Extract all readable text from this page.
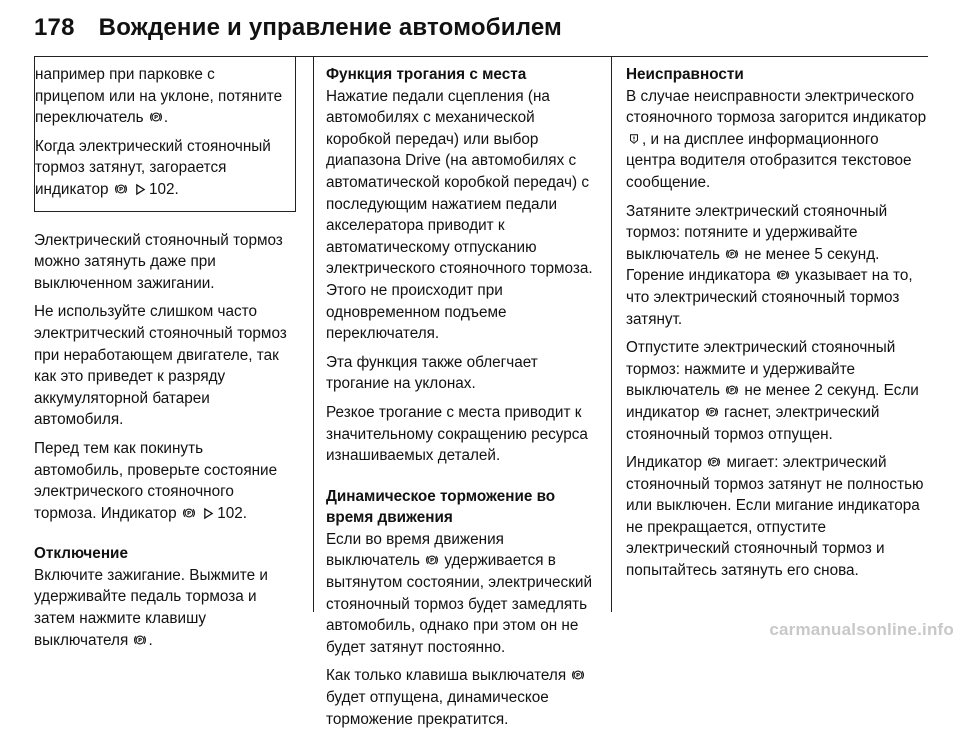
178 Вождение и управление автомобилем

например при парковке с прицепом или на уклоне, потяните переключатель .

Когда электрический стояночный тормоз затянут, загорается индикатор	102.

Электрический стояночный тормоз можно затянуть даже при выключенном зажигании.

Не используйте слишком часто электритческий стояночный тормоз при неработающем двигателе, так как это приведет к разряду аккумуляторной батареи автомобиля.

Перед тем как покинуть автомобиль, проверьте состояние электрического стояночного тормоза. Индикатор	102.

Отключение

Включите зажигание. Выжмите и удерживайте педаль тормоза и затем нажмите клавишу выключателя .

Функция трогания с места

Нажатие педали сцепления (на автомобилях с механической коробкой передач) или выбор диапазона Drive (на автомобилях с автоматической коробкой передач) с последующим нажатием педали акселератора приводит к автоматическому отпусканию электрического стояночного тормоза. Этого не происходит при одновременном подъеме переключателя.

Эта функция также облегчает трогание на уклонах.

Резкое трогание с места приводит к значительному сокращению ресурса изнашиваемых деталей.

Динамическое торможение во время движения

Если во время движения выключатель удерживается в вытянутом состоянии, электрический стояночный тормоз будет замедлять автомобиль, однако при этом он не будет затянут постоянно.

Как только клавиша выключателя  будет отпущена, динамическое торможение прекратится.

Неисправности

В случае неисправности электрического стояночного тормоза загорится индикатор , и на дисплее информационного центра водителя отобразится текстовое сообщение.

Затяните электрический стояночный тормоз: потяните и удерживайте выключатель не менее 5 секунд. Горение индикатора указывает на то, что электрический стояночный тормоз затянут.

Отпустите электрический стояночный тормоз: нажмите и удерживайте выключатель не менее 2 секунд. Если индикатор гаснет, электрический стояночный тормоз отпущен.

Индикатор мигает: электрический стояночный тормоз затянут не полностью или выключен. Если мигание индикатора не прекращается, отпустите электрический стояночный тормоз и попытайтесь затянуть его снова.

carmanualsonline.info
